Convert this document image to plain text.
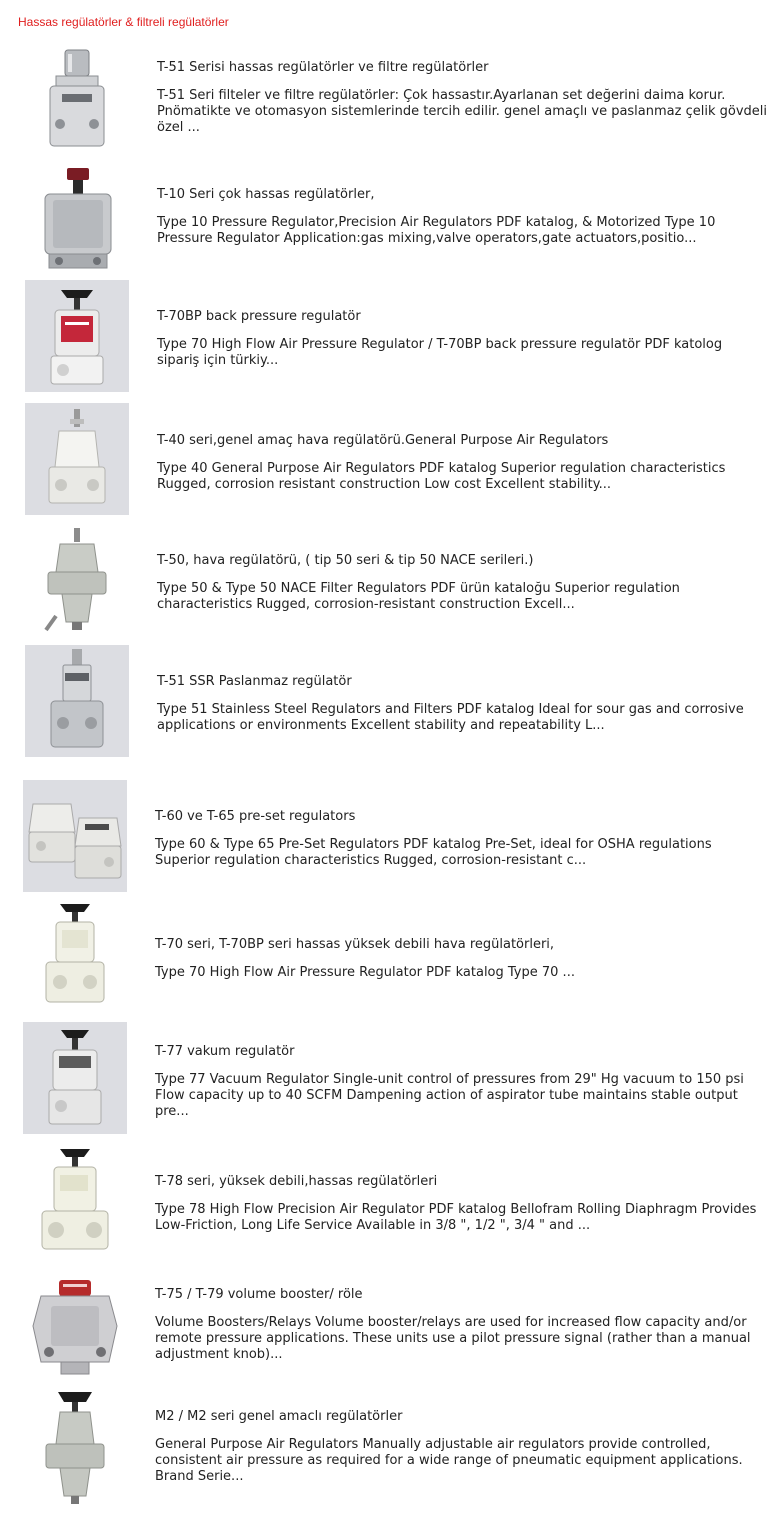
Hassas regülatörler & filtreli regülatörler
T-51 Serisi hassas regülatörler ve filtre regülatörler
T-51 Seri filteler ve filtre regülatörler: Çok hassastır.Ayarlanan set değerini daima korur. Pnömatikte ve otomasyon sistemlerinde tercih edilir. genel amaçlı ve paslanmaz çelik gövdeli özel ...
T-10 Seri çok hassas regülatörler,
Type 10 Pressure Regulator,Precision Air Regulators PDF katalog, & Motorized Type 10 Pressure Regulator Application:gas mixing,valve operators,gate actuators,positio...
T-70BP back pressure regulatör
Type 70 High Flow Air Pressure Regulator / T-70BP back pressure regulatör PDF katolog sipariş için türkiy...
T-40 seri,genel amaç hava regülatörü.General Purpose Air Regulators
Type 40 General Purpose Air Regulators PDF katalog Superior regulation characteristics Rugged, corrosion resistant construction Low cost Excellent stability...
T-50, hava regülatörü, ( tip 50 seri & tip 50 NACE serileri.)
Type 50 & Type 50 NACE Filter Regulators PDF ürün kataloğu Superior regulation characteristics Rugged, corrosion-resistant construction Excell...
T-51 SSR Paslanmaz regülatör
Type 51 Stainless Steel Regulators and Filters PDF katalog Ideal for sour gas and corrosive applications or environments Excellent stability and repeatability L...
T-60 ve T-65 pre-set regulators
Type 60 & Type 65 Pre-Set Regulators PDF katalog Pre-Set, ideal for OSHA regulations Superior regulation characteristics Rugged, corrosion-resistant c...
T-70 seri, T-70BP seri hassas yüksek debili hava regülatörleri,
Type 70 High Flow Air Pressure Regulator PDF katalog Type 70 ...
T-77 vakum regulatör
Type 77 Vacuum Regulator Single-unit control of pressures from 29" Hg vacuum to 150 psi Flow capacity up to 40 SCFM Dampening action of aspirator tube maintains stable output pre...
T-78 seri, yüksek debili,hassas regülatörleri
Type 78 High Flow Precision Air Regulator PDF katalog Bellofram Rolling Diaphragm Provides Low-Friction, Long Life Service Available in 3/8 ", 1/2 ", 3/4 " and ...
T-75 / T-79 volume booster/ röle
Volume Boosters/Relays Volume booster/relays are used for increased flow capacity and/or remote pressure applications. These units use a pilot pressure signal (rather than a manual adjustment knob)...
M2 / M2 seri genel amaclı regülatörler
General Purpose Air Regulators Manually adjustable air regulators provide controlled, consistent air pressure as required for a wide range of pneumatic equipment applications. Brand Serie...
